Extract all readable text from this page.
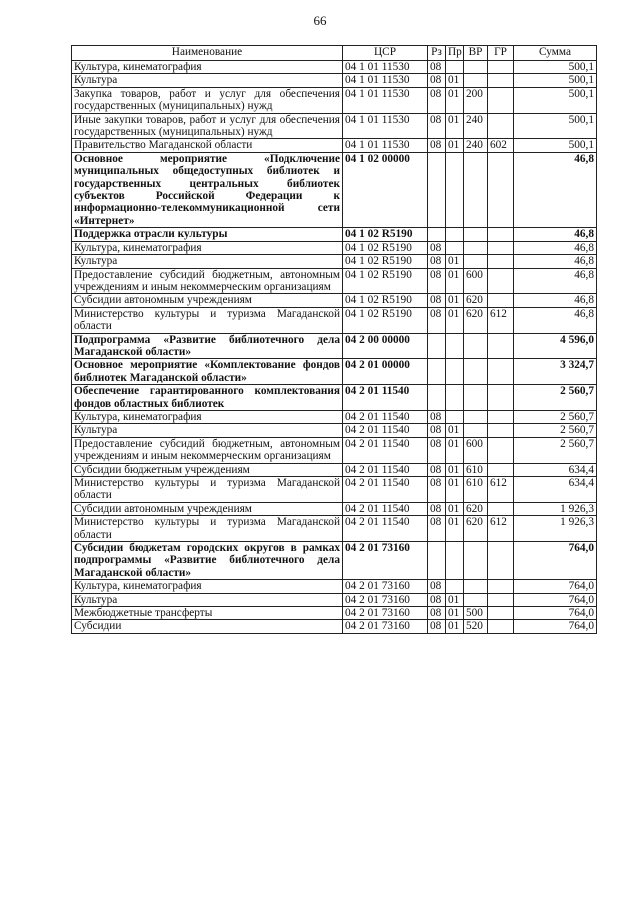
66
Наименование	ЦСР	Рз	Пр	ВР	ГР	Сумма
Культура, кинематография	04 1 01 11530	08				500,1
Культура	04 1 01 11530	08	01			500,1
Закупка товаров, работ и услуг для обеспечения государственных (муниципальных) нужд	04 1 01 11530	08	01	200		500,1
Иные закупки товаров, работ и услуг для обеспечения государственных (муниципальных) нужд	04 1 01 11530	08	01	240		500,1
Правительство Магаданской области	04 1 01 11530	08	01	240	602	500,1
Основное мероприятие «Подключение муниципальных общедоступных библиотек и государственных центральных библиотек субъектов Российской Федерации к информационно-телекоммуникационной сети «Интернет»	04 1 02 00000					46,8
Поддержка отрасли культуры	04 1 02 R5190					46,8
Культура, кинематография	04 1 02 R5190	08				46,8
Культура	04 1 02 R5190	08	01			46,8
Предоставление субсидий бюджетным, автономным учреждениям и иным некоммерческим организациям	04 1 02 R5190	08	01	600		46,8
Субсидии автономным учреждениям	04 1 02 R5190	08	01	620		46,8
Министерство культуры и туризма Магаданской области	04 1 02 R5190	08	01	620	612	46,8
Подпрограмма «Развитие библиотечного дела Магаданской области»	04 2 00 00000					4 596,0
Основное мероприятие «Комплектование фондов библиотек Магаданской области»	04 2 01 00000					3 324,7
Обеспечение гарантированного комплектования фондов областных библиотек	04 2 01 11540					2 560,7
Культура, кинематография	04 2 01 11540	08				2 560,7
Культура	04 2 01 11540	08	01			2 560,7
Предоставление субсидий бюджетным, автономным учреждениям и иным некоммерческим организациям	04 2 01 11540	08	01	600		2 560,7
Субсидии бюджетным учреждениям	04 2 01 11540	08	01	610		634,4
Министерство культуры и туризма Магаданской области	04 2 01 11540	08	01	610	612	634,4
Субсидии автономным учреждениям	04 2 01 11540	08	01	620		1 926,3
Министерство культуры и туризма Магаданской области	04 2 01 11540	08	01	620	612	1 926,3
Субсидии бюджетам городских округов в рамках подпрограммы «Развитие библиотечного дела Магаданской области»	04 2 01 73160					764,0
Культура, кинематография	04 2 01 73160	08				764,0
Культура	04 2 01 73160	08	01			764,0
Межбюджетные трансферты	04 2 01 73160	08	01	500		764,0
Субсидии	04 2 01 73160	08	01	520		764,0
